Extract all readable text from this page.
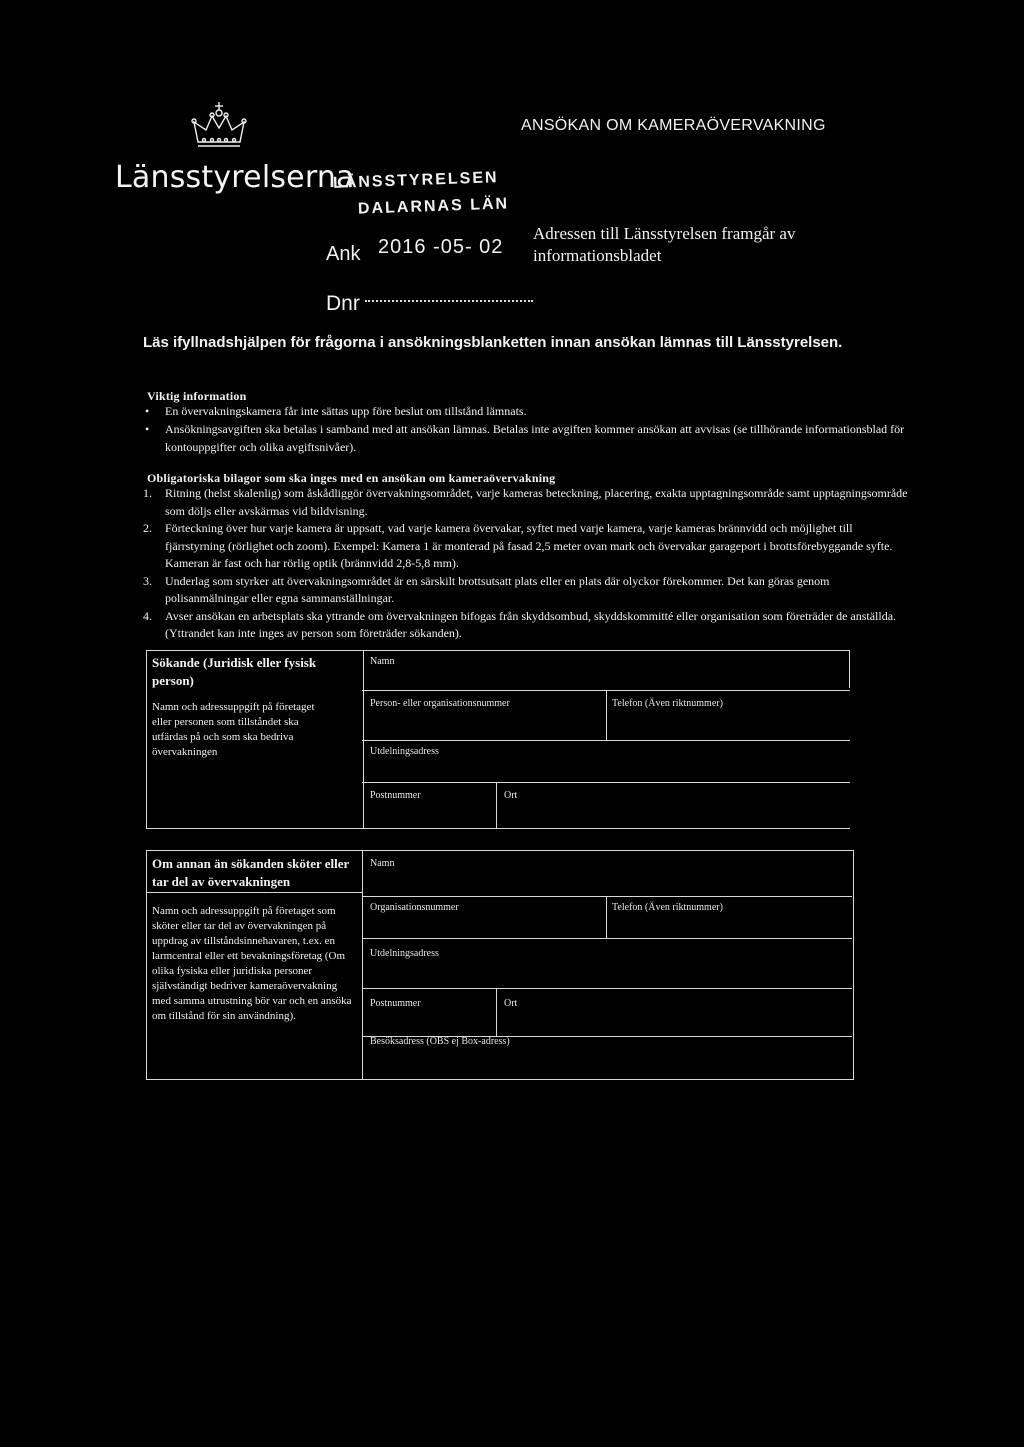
Länsstyrelserna
ANSÖKAN OM KAMERAÖVERVAKNING
LÄNSSTYRELSEN
DALARNAS LÄN
Ank 2016 -05- 02
Adressen till Länsstyrelsen framgår av informationsbladet
Dnr
Läs ifyllnadshjälpen för frågorna i ansökningsblanketten innan ansökan lämnas till Länsstyrelsen.
Viktig information
• En övervakningskamera får inte sättas upp före beslut om tillstånd lämnats.
• Ansökningsavgiften ska betalas i samband med att ansökan lämnas. Betalas inte avgiften kommer ansökan att avvisas (se tillhörande informationsblad för kontouppgifter och olika avgiftsnivåer).
Obligatoriska bilagor som ska inges med en ansökan om kameraövervakning
1. Ritning (helst skalenlig) som åskådliggör övervakningsområdet, varje kameras beteckning, placering, exakta upptagningsområde samt upptagningsområde som döljs eller avskärmas vid bildvisning.
2. Förteckning över hur varje kamera är uppsatt, vad varje kamera övervakar, syftet med varje kamera, varje kameras brännvidd och möjlighet till fjärrstyrning (rörlighet och zoom). Exempel: Kamera 1 är monterad på fasad 2,5 meter ovan mark och övervakar garageport i brottsförebyggande syfte. Kameran är fast och har rörlig optik (brännvidd 2,8-5,8 mm).
3. Underlag som styrker att övervakningsområdet är en särskilt brottsutsatt plats eller en plats där olyckor förekommer. Det kan göras genom polisanmälningar eller egna sammanställningar.
4. Avser ansökan en arbetsplats ska yttrande om övervakningen bifogas från skyddsombud, skyddskommitté eller organisation som företräder de anställda. (Yttrandet kan inte inges av person som företräder sökanden).
Sökande (Juridisk eller fysisk person)
Namn och adressuppgift på företaget eller personen som tillståndet ska utfärdas på och som ska bedriva övervakningen
Namn
Person- eller organisationsnummer	Telefon (Även riktnummer)
Utdelningsadress
Postnummer	Ort
Om annan än sökanden sköter eller tar del av övervakningen
Namn och adressuppgift på företaget som sköter eller tar del av övervakningen på uppdrag av tillståndsinnehavaren, t.ex. en larmcentral eller ett bevakningsföretag (Om olika fysiska eller juridiska personer självständigt bedriver kameraövervakning med samma utrustning bör var och en ansöka om tillstånd för sin användning).
Namn
Organisationsnummer	Telefon (Även riktnummer)
Utdelningsadress
Postnummer	Ort
Besöksadress (OBS ej Box-adress)
